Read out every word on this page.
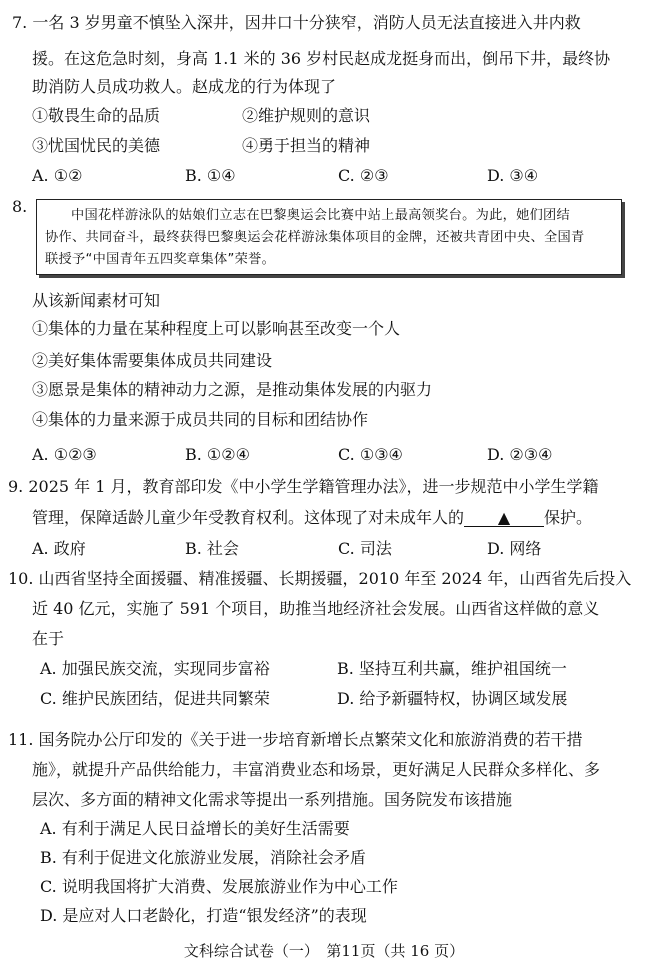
7. 一名 3 岁男童不慎坠入深井，因井口十分狭窄，消防人员无法直接进入井内救
援。在这危急时刻，身高 1.1 米的 36 岁村民赵成龙挺身而出，倒吊下井，最终协
助消防人员成功救人。赵成龙的行为体现了
①敬畏生命的品质	②维护规则的意识
③忧国忧民的美德	④勇于担当的精神
A. ①②	B. ①④	C. ②③	D. ③④
8.	中国花样游泳队的姑娘们立志在巴黎奥运会比赛中站上最高领奖台。为此，她们团结

协作、共同奋斗，最终获得巴黎奥运会花样游泳集体项目的金牌，还被共青团中央、全国青

联授予“中国青年五四奖章集体”荣誉。

从该新闻素材可知
①集体的力量在某种程度上可以影响甚至改变一个人
②美好集体需要集体成员共同建设
③愿景是集体的精神动力之源，是推动集体发展的内驱力
④集体的力量来源于成员共同的目标和团结协作
A. ①②③	B. ①②④	C. ①③④	D. ②③④
9. 2025 年 1 月，教育部印发《中小学生学籍管理办法》，进一步规范中小学生学籍
管理，保障适龄儿童少年受教育权利。这体现了对未成年人的 ▲ 保护。
A. 政府	B. 社会	C. 司法	D. 网络
10. 山西省坚持全面援疆、精准援疆、长期援疆，2010 年至 2024 年，山西省先后投入
近 40 亿元，实施了 591 个项目，助推当地经济社会发展。山西省这样做的意义
在于
A. 加强民族交流，实现同步富裕	B. 坚持互利共赢，维护祖国统一
C. 维护民族团结，促进共同繁荣	D. 给予新疆特权，协调区域发展
11. 国务院办公厅印发的《关于进一步培育新增长点繁荣文化和旅游消费的若干措
施》，就提升产品供给能力，丰富消费业态和场景，更好满足人民群众多样化、多
层次、多方面的精神文化需求等提出一系列措施。国务院发布该措施
A. 有利于满足人民日益增长的美好生活需要
B. 有利于促进文化旅游业发展，消除社会矛盾
C. 说明我国将扩大消费、发展旅游业作为中心工作
D. 是应对人口老龄化，打造“银发经济”的表现
文科综合试卷（一）　第11页（共 16 页）
